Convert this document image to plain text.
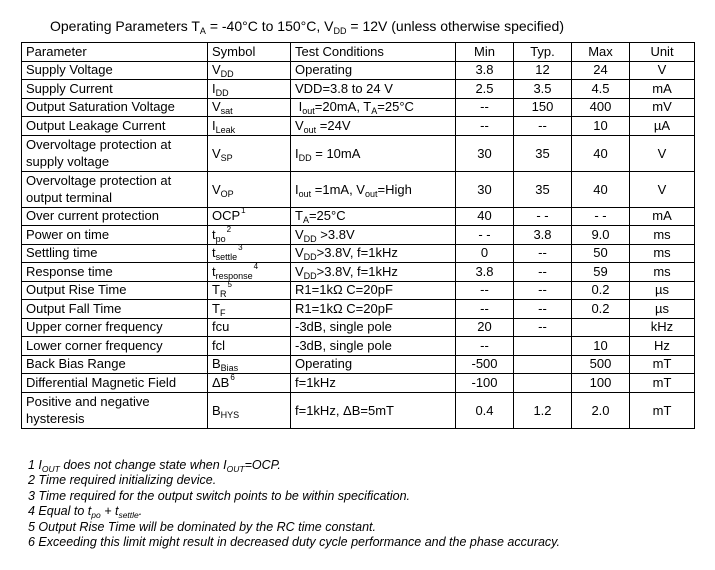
Operating Parameters $T_A = -40^\circ C$ to 150°C, $V_{DD} = 12V$ (unless otherwise specified)
Parameter	Symbol	Test Conditions	Min	Typ.	Max	Unit
Supply Voltage	$V_{DD}$	Operating	3.8	12	24	V
Supply Current	$I_{DD}$	VDD=3.8 to 24 V	2.5	3.5	4.5	mA
Output Saturation Voltage	$V_{sat}$	$I_{out}=20mA$, $T_A=25^\circ C$	--	150	400	mV
Output Leakage Current	$I_{Leak}$	$V_{out} =24V$	--	--	10	µA
Overvoltage protection at supply voltage	$V_{SP}$	$I_{DD} = 10mA$	30	35	40	V
Overvoltage protection at output terminal	$V_{OP}$	$I_{out} =1mA$, $V_{out}=High$	30	35	40	V
Over current protection	OCP$^1$	$T_A=25^\circ C$	40	- -	- -	mA
Power on time	$t_{po}^2$	$V_{DD} >3.8V$	- -	3.8	9.0	ms
Settling time	$t_{settle}^3$	$V_{DD}>3.8V$, f=1kHz	0	--	50	ms
Response time	$t_{response}^4$	$V_{DD}>3.8V$, f=1kHz	3.8	--	59	ms
Output Rise Time	$T_R^5$	R1=1kΩ C=20pF	--	--	0.2	µs
Output Fall Time	$T_F$	R1=1kΩ C=20pF	--	--	0.2	µs
Upper corner frequency	fcu	-3dB, single pole	20	--		kHz
Lower corner frequency	fcl	-3dB, single pole	--		10	Hz
Back Bias Range	$B_{Bias}$	Operating	-500		500	mT
Differential Magnetic Field	$\Delta B^6$	f=1kHz	-100		100	mT
Positive and negative hysteresis	$B_{HYS}$	f=1kHz, ΔB=5mT	0.4	1.2	2.0	mT
1 $I_{OUT}$ does not change state when $I_{OUT}=OCP$.
2 Time required initializing device.
3 Time required for the output switch points to be within specification.
4 Equal to $t_{po} + t_{settle}$.
5 Output Rise Time will be dominated by the RC time constant.
6 Exceeding this limit might result in decreased duty cycle performance and the phase accuracy.
